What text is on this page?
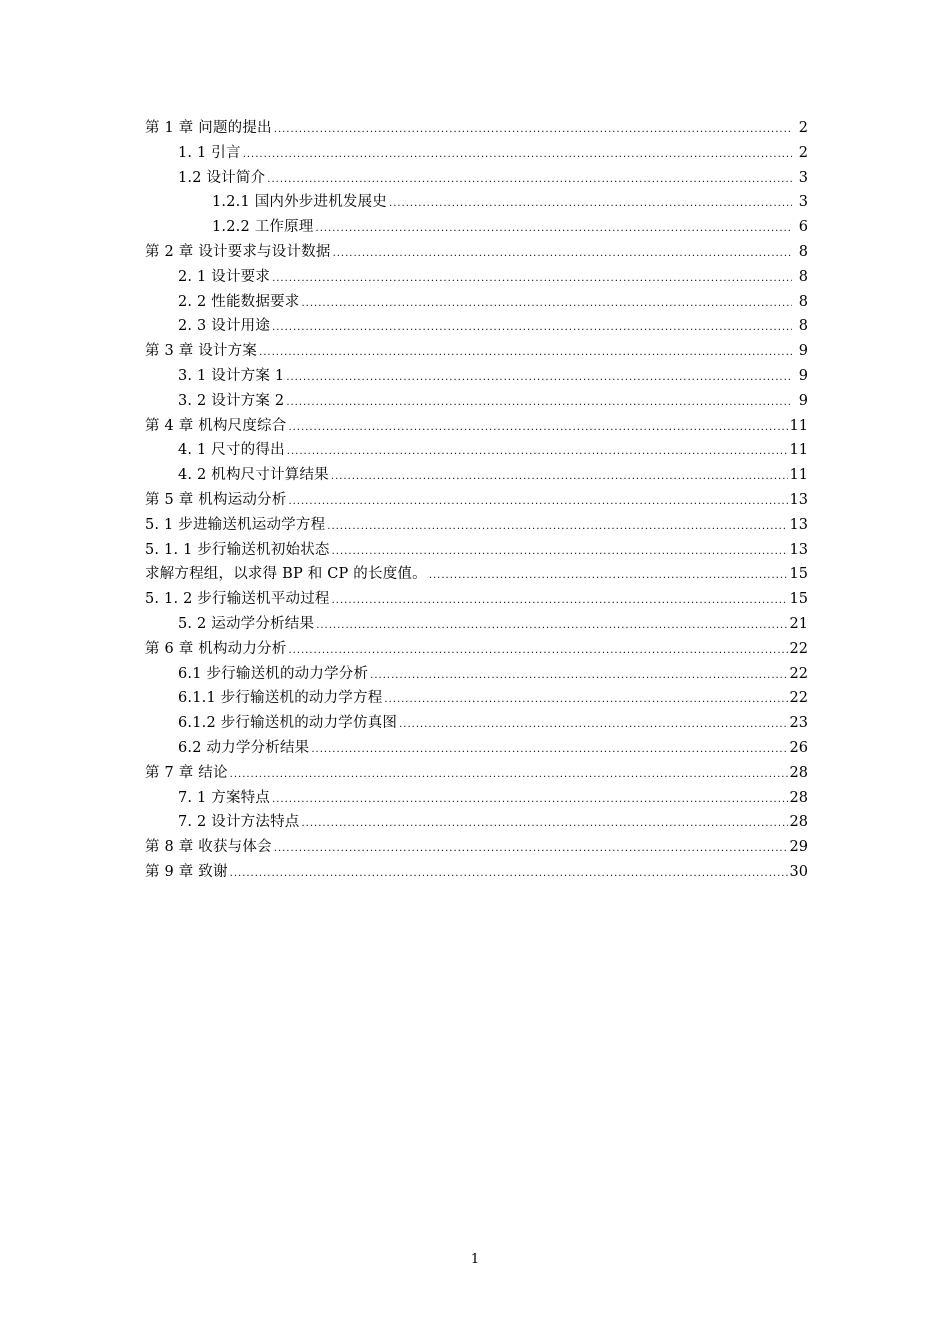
第 1 章 问题的提出 .....	2
1. 1 引言 .....	2
1.2 设计简介 .....	3
1.2.1 国内外步进机发展史 .....	3
1.2.2 工作原理 .....	6
第 2 章 设计要求与设计数据 .....	8
2. 1 设计要求 .....	8
2. 2 性能数据要求 .....	8
2. 3 设计用途 .....	8
第 3 章 设计方案 .....	9
3. 1 设计方案 1 .....	9
3. 2 设计方案 2 .....	9
第 4 章 机构尺度综合 .....	11
4. 1 尺寸的得出 .....	11
4. 2 机构尺寸计算结果 .....	11
第 5 章 机构运动分析 .....	13
5. 1 步进输送机运动学方程 .....	13
5. 1. 1 步行输送机初始状态 .....	13
求解方程组，以求得 BP 和 CP 的长度值。 .....	15
5. 1. 2 步行输送机平动过程 .....	15
5. 2 运动学分析结果 .....	21
第 6 章 机构动力分析 .....	22
6.1 步行输送机的动力学分析 .....	22
6.1.1 步行输送机的动力学方程 .....	22
6.1.2 步行输送机的动力学仿真图 .....	23
6.2 动力学分析结果 .....	26
第 7 章 结论 .....	28
7. 1 方案特点 .....	28
7. 2 设计方法特点 .....	28
第 8 章 收获与体会 .....	29
第 9 章 致谢 .....	30
1
